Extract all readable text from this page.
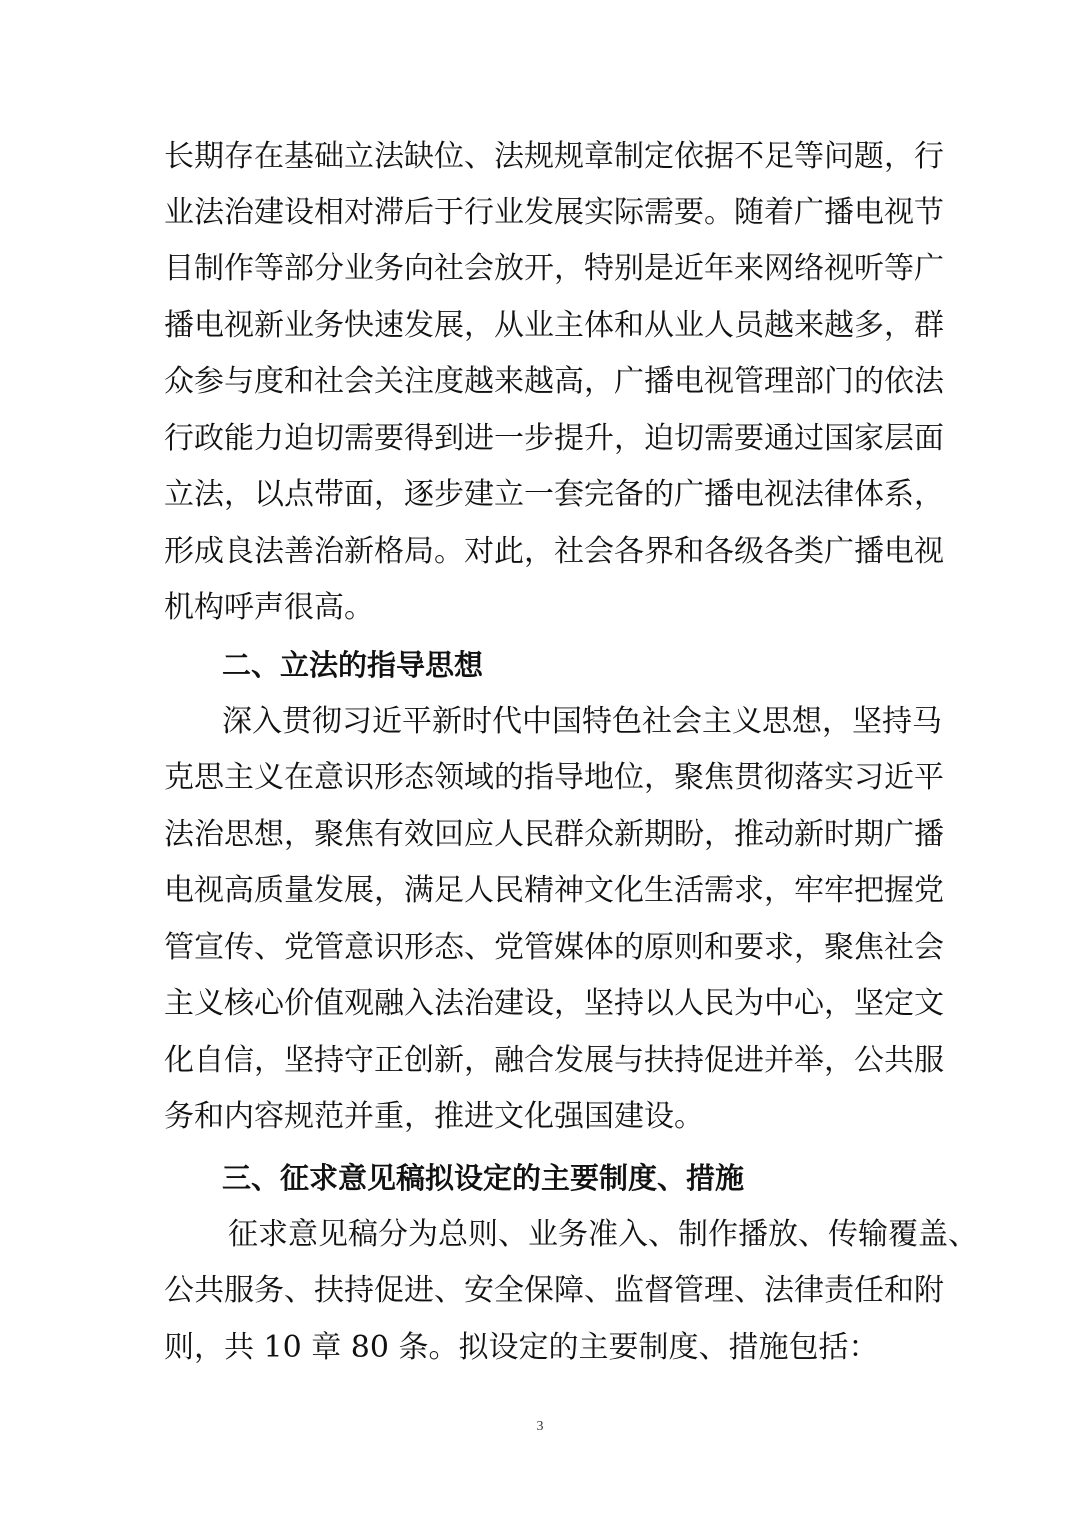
长期存在基础立法缺位、法规规章制定依据不足等问题，行
业法治建设相对滞后于行业发展实际需要。随着广播电视节
目制作等部分业务向社会放开，特别是近年来网络视听等广
播电视新业务快速发展，从业主体和从业人员越来越多，群
众参与度和社会关注度越来越高，广播电视管理部门的依法
行政能力迫切需要得到进一步提升，迫切需要通过国家层面
立法，以点带面，逐步建立一套完备的广播电视法律体系，
形成良法善治新格局。对此，社会各界和各级各类广播电视
机构呼声很高。
二、立法的指导思想
深入贯彻习近平新时代中国特色社会主义思想，坚持马
克思主义在意识形态领域的指导地位，聚焦贯彻落实习近平
法治思想，聚焦有效回应人民群众新期盼，推动新时期广播
电视高质量发展，满足人民精神文化生活需求，牢牢把握党
管宣传、党管意识形态、党管媒体的原则和要求，聚焦社会
主义核心价值观融入法治建设，坚持以人民为中心，坚定文
化自信，坚持守正创新，融合发展与扶持促进并举，公共服
务和内容规范并重，推进文化强国建设。
三、征求意见稿拟设定的主要制度、措施
征求意见稿分为总则、业务准入、制作播放、传输覆盖、
公共服务、扶持促进、安全保障、监督管理、法律责任和附
则，共 10 章 80 条。拟设定的主要制度、措施包括：
3
